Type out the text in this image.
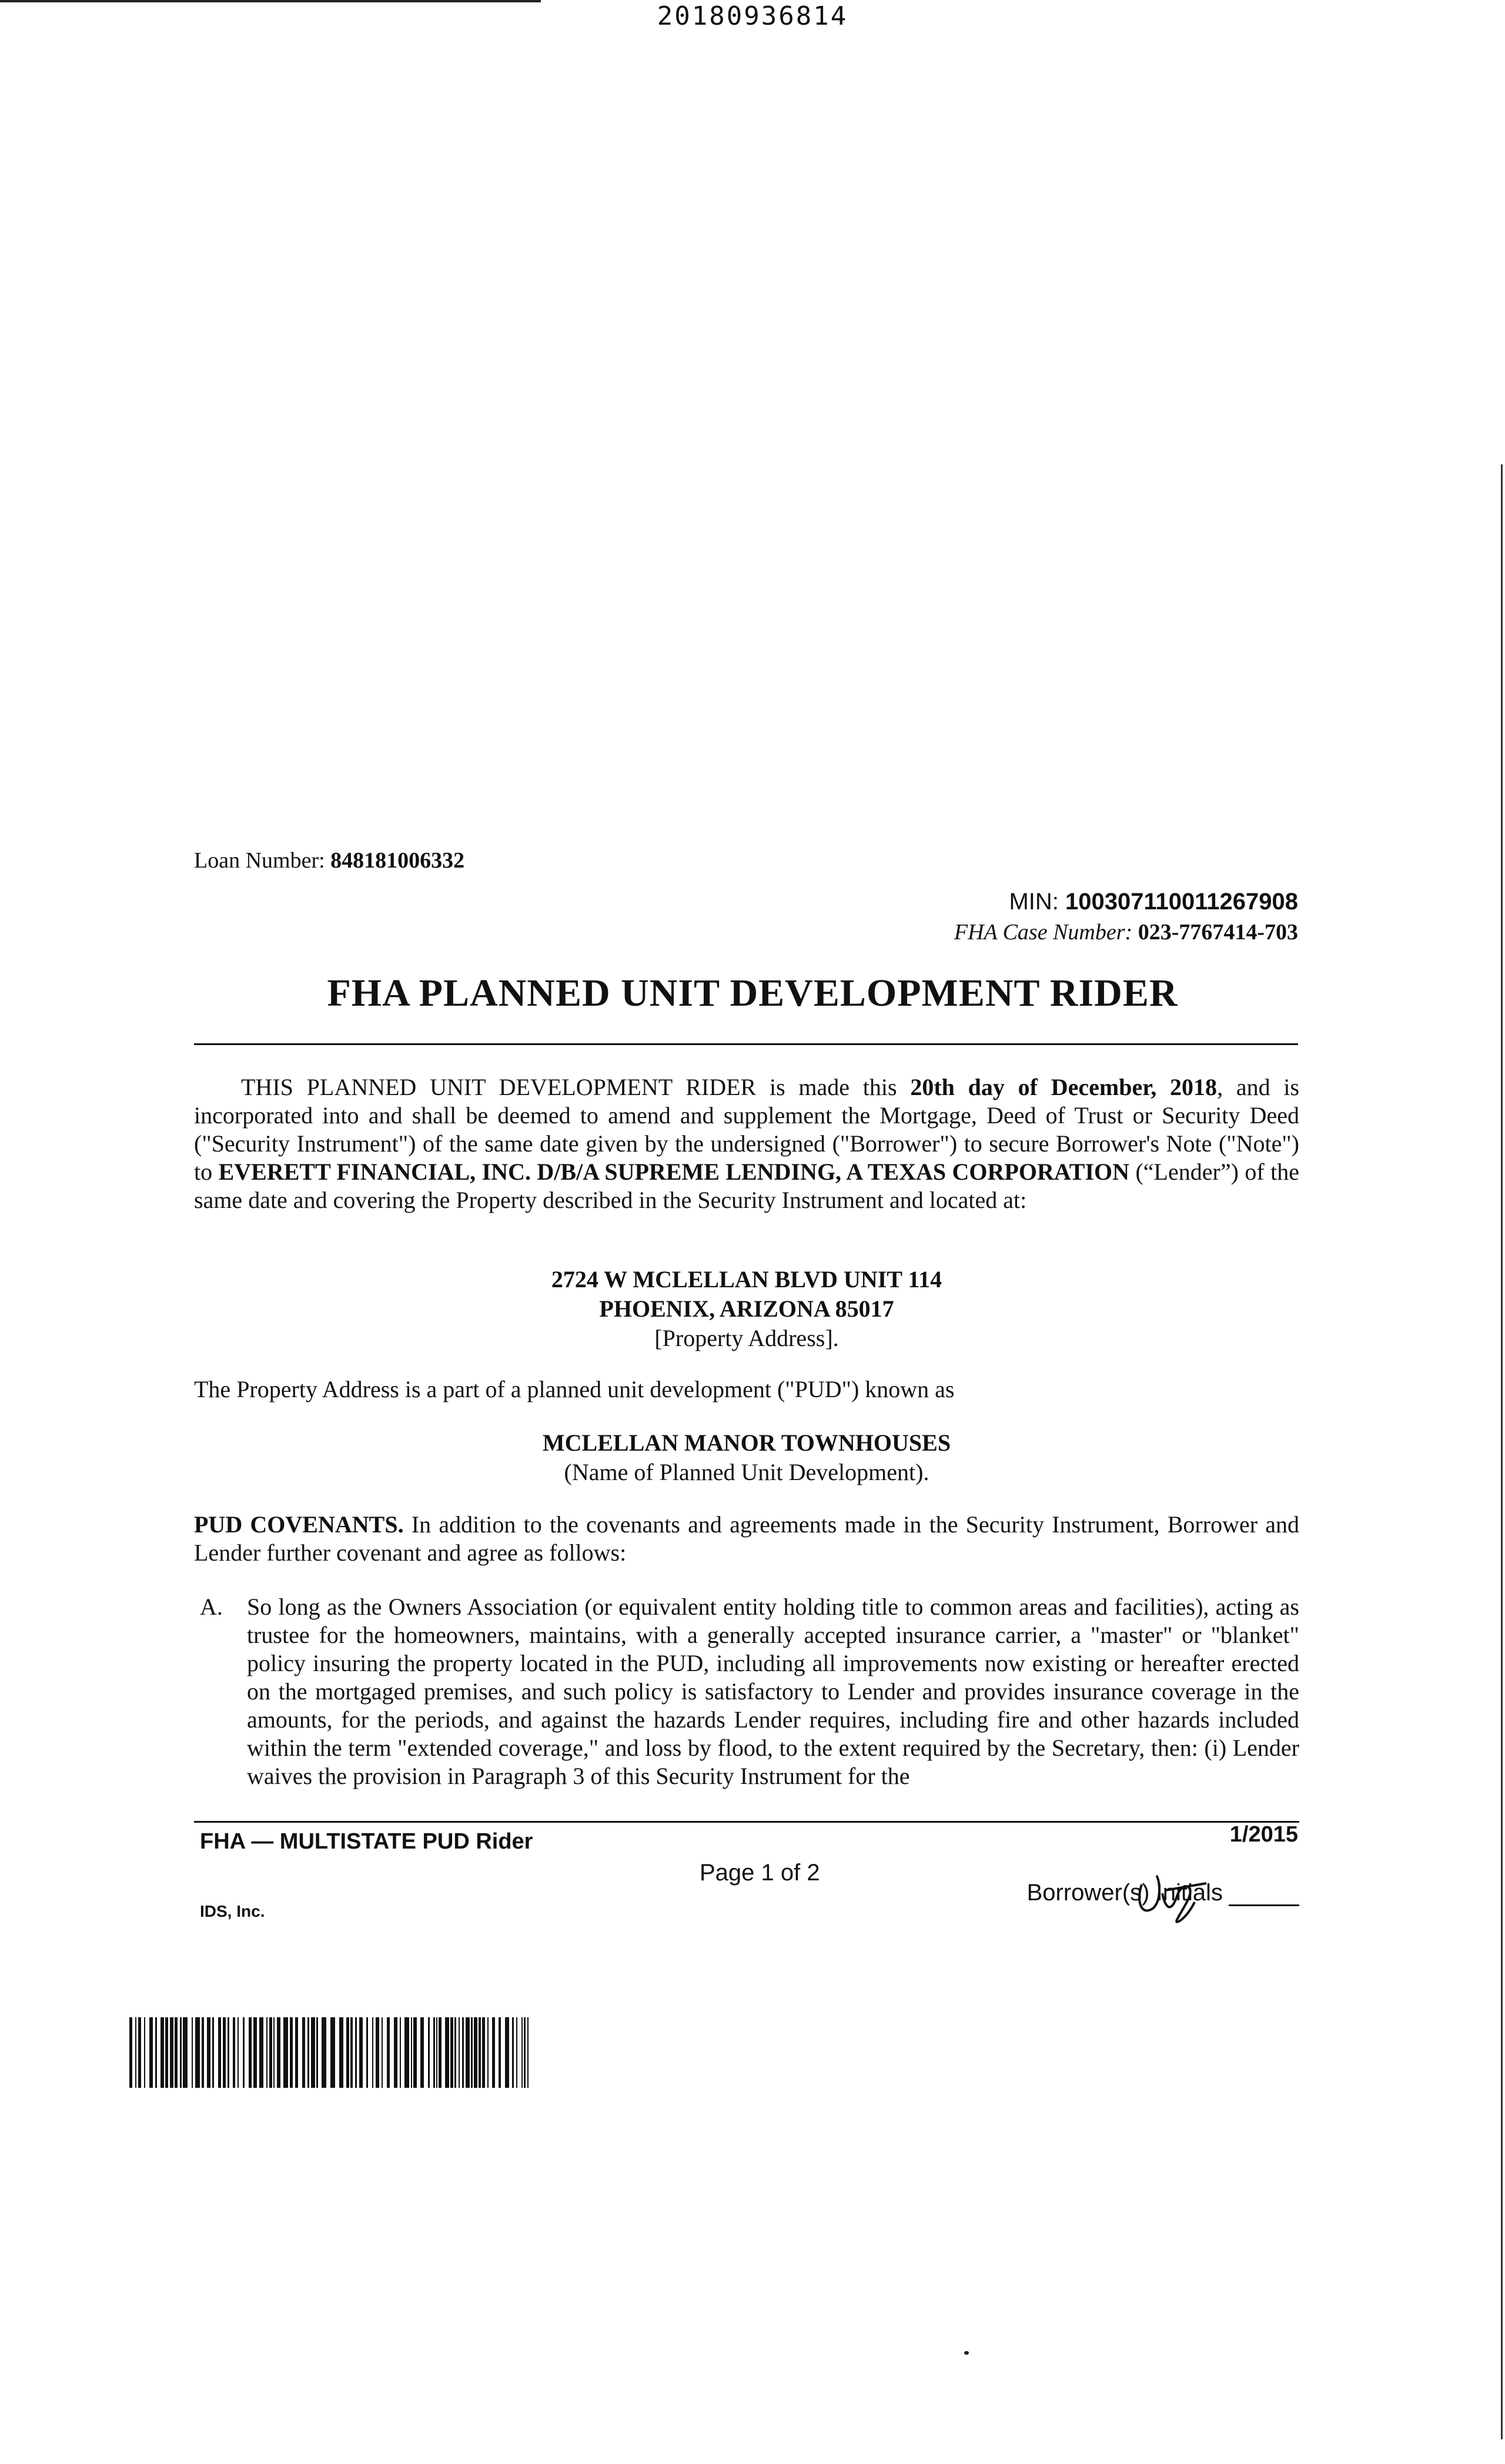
20180936814
Loan Number: 848181006332
MIN: 100307110011267908
FHA Case Number: 023-7767414-703
FHA PLANNED UNIT DEVELOPMENT RIDER
THIS PLANNED UNIT DEVELOPMENT RIDER is made this 20th day of December, 2018, and is incorporated into and shall be deemed to amend and supplement the Mortgage, Deed of Trust or Security Deed ("Security Instrument") of the same date given by the undersigned ("Borrower") to secure Borrower's Note ("Note") to EVERETT FINANCIAL, INC. D/B/A SUPREME LENDING, A TEXAS CORPORATION (“Lender”) of the same date and covering the Property described in the Security Instrument and located at:
2724 W MCLELLAN BLVD UNIT 114
PHOENIX, ARIZONA 85017
[Property Address].
The Property Address is a part of a planned unit development ("PUD") known as
MCLELLAN MANOR TOWNHOUSES
(Name of Planned Unit Development).
PUD COVENANTS. In addition to the covenants and agreements made in the Security Instrument, Borrower and Lender further covenant and agree as follows:
A. So long as the Owners Association (or equivalent entity holding title to common areas and facilities), acting as trustee for the homeowners, maintains, with a generally accepted insurance carrier, a "master" or "blanket" policy insuring the property located in the PUD, including all improvements now existing or hereafter erected on the mortgaged premises, and such policy is satisfactory to Lender and provides insurance coverage in the amounts, for the periods, and against the hazards Lender requires, including fire and other hazards included within the term "extended coverage," and loss by flood, to the extent required by the Secretary, then: (i) Lender waives the provision in Paragraph 3 of this Security Instrument for the
FHA — MULTISTATE PUD Rider	1/2015
Page 1 of 2
Borrower(s) Initials
IDS, Inc.
